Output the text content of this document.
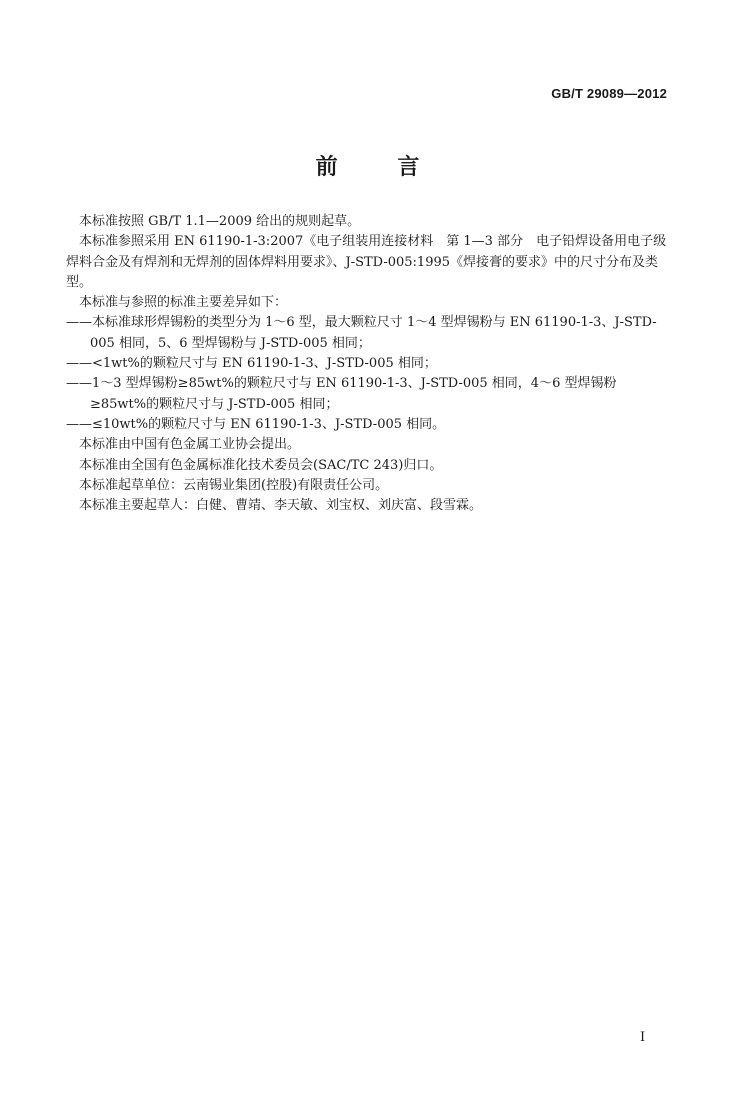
GB/T 29089—2012
前 言

本标准按照 GB/T 1.1—2009 给出的规则起草。

本标准参照采用 EN 61190-1-3:2007《电子组装用连接材料　第 1—3 部分　电子铅焊设备用电子级焊料合金及有焊剂和无焊剂的固体焊料用要求》、J-STD-005:1995《焊接膏的要求》中的尺寸分布及类型。

本标准与参照的标准主要差异如下：

——本标准球形焊锡粉的类型分为 1～6 型，最大颗粒尺寸 1～4 型焊锡粉与 EN 61190-1-3、J-STD-005 相同，5、6 型焊锡粉与 J-STD-005 相同；

——<1wt%的颗粒尺寸与 EN 61190-1-3、J-STD-005 相同；

——1～3 型焊锡粉≥85wt%的颗粒尺寸与 EN 61190-1-3、J-STD-005 相同，4～6 型焊锡粉≥85wt%的颗粒尺寸与 J-STD-005 相同；

——≤10wt%的颗粒尺寸与 EN 61190-1-3、J-STD-005 相同。

本标准由中国有色金属工业协会提出。

本标准由全国有色金属标准化技术委员会(SAC/TC 243)归口。

本标准起草单位：云南锡业集团(控股)有限责任公司。

本标准主要起草人：白健、曹靖、李天敏、刘宝权、刘庆富、段雪霖。

I
